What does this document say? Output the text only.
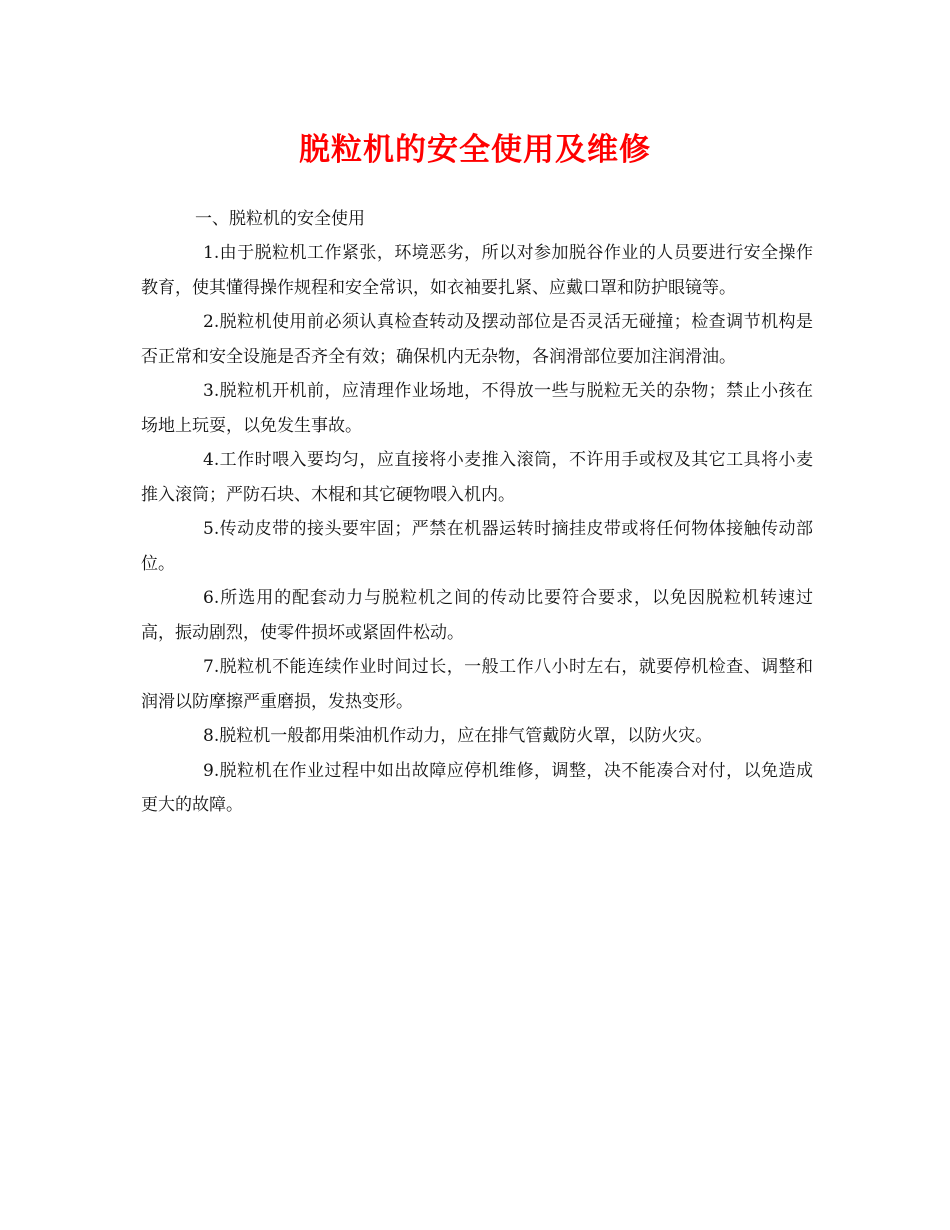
脱粒机的安全使用及维修

一、脱粒机的安全使用

1.由于脱粒机工作紧张，环境恶劣，所以对参加脱谷作业的人员要进行安全操作教育，使其懂得操作规程和安全常识，如衣袖要扎紧、应戴口罩和防护眼镜等。

2.脱粒机使用前必须认真检查转动及摆动部位是否灵活无碰撞；检查调节机构是否正常和安全设施是否齐全有效；确保机内无杂物，各润滑部位要加注润滑油。

3.脱粒机开机前，应清理作业场地，不得放一些与脱粒无关的杂物；禁止小孩在场地上玩耍，以免发生事故。

4.工作时喂入要均匀，应直接将小麦推入滚筒，不许用手或杈及其它工具将小麦推入滚筒；严防石块、木棍和其它硬物喂入机内。

5.传动皮带的接头要牢固；严禁在机器运转时摘挂皮带或将任何物体接触传动部位。

6.所选用的配套动力与脱粒机之间的传动比要符合要求，以免因脱粒机转速过高，振动剧烈，使零件损坏或紧固件松动。

7.脱粒机不能连续作业时间过长，一般工作八小时左右，就要停机检查、调整和润滑以防摩擦严重磨损，发热变形。

8.脱粒机一般都用柴油机作动力，应在排气管戴防火罩，以防火灾。

9.脱粒机在作业过程中如出故障应停机维修，调整，决不能凑合对付，以免造成更大的故障。
